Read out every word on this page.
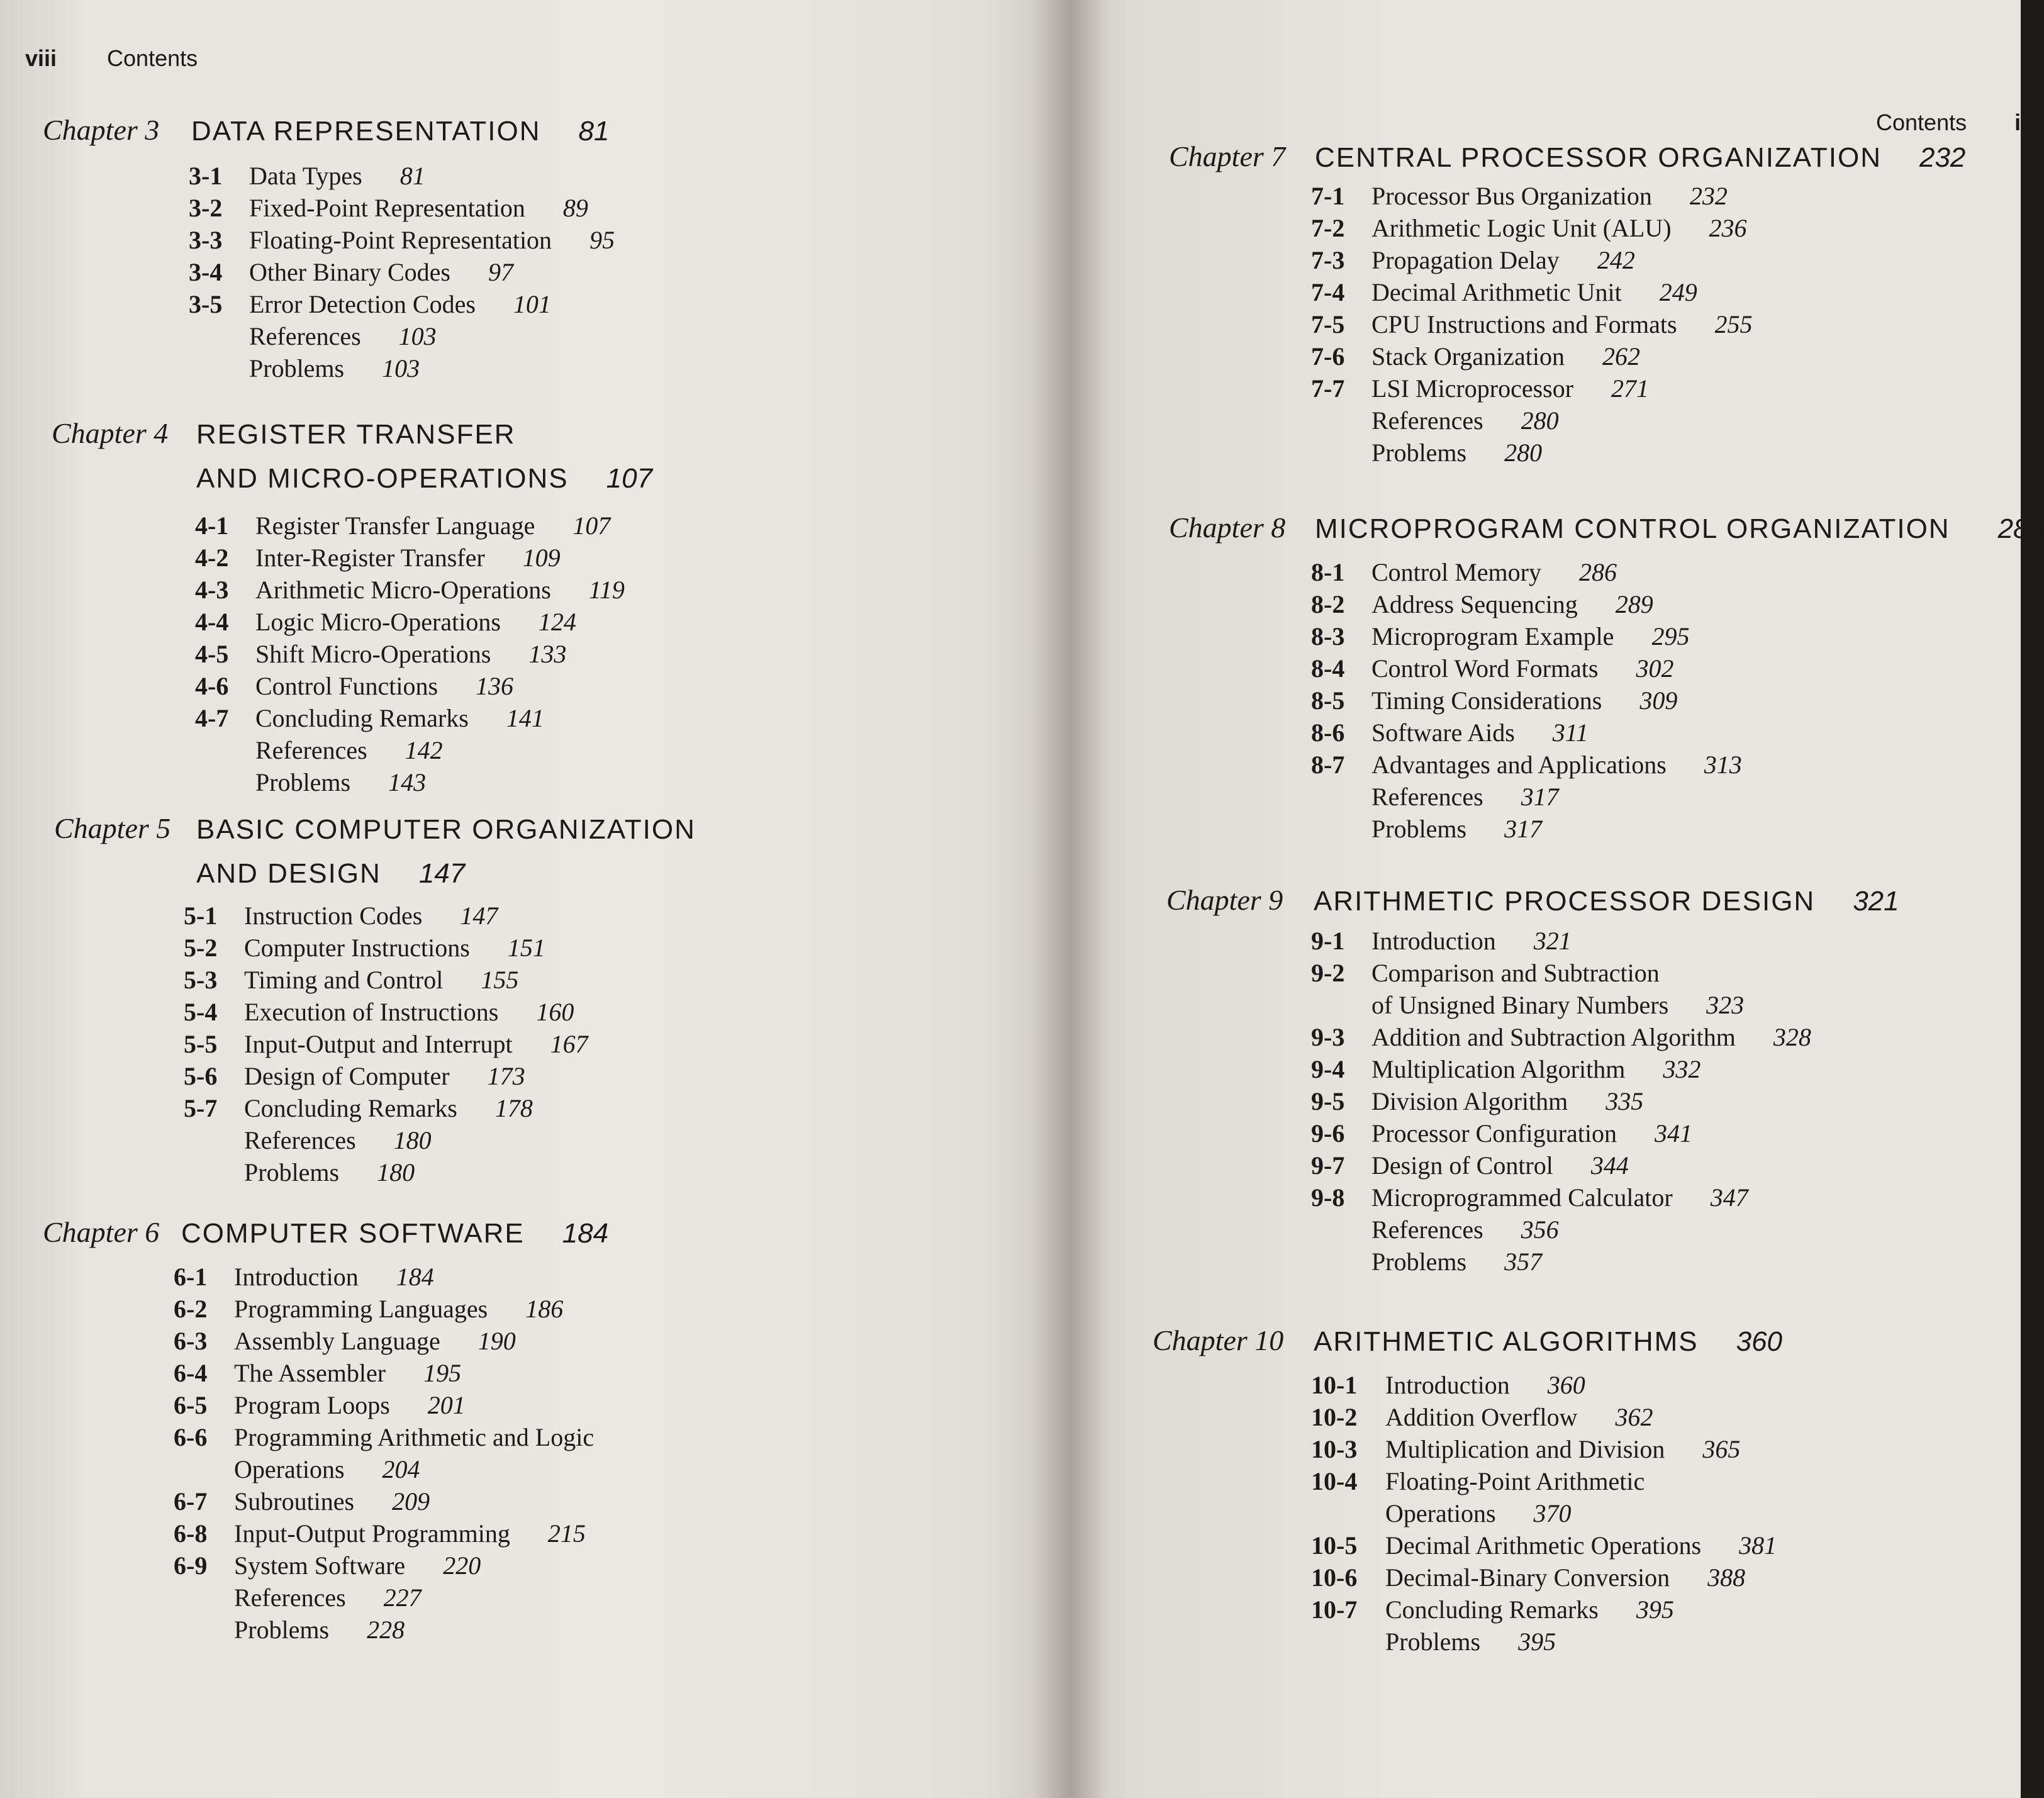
viii Contents
Chapter 3 DATA REPRESENTATION 81
3-1 Data Types 81
3-2 Fixed-Point Representation 89
3-3 Floating-Point Representation 95
3-4 Other Binary Codes 97
3-5 Error Detection Codes 101
References 103
Problems 103
Chapter 4 REGISTER TRANSFER
AND MICRO-OPERATIONS 107
4-1 Register Transfer Language 107
4-2 Inter-Register Transfer 109
4-3 Arithmetic Micro-Operations 119
4-4 Logic Micro-Operations 124
4-5 Shift Micro-Operations 133
4-6 Control Functions 136
4-7 Concluding Remarks 141
References 142
Problems 143
Chapter 5 BASIC COMPUTER ORGANIZATION
AND DESIGN 147
5-1 Instruction Codes 147
5-2 Computer Instructions 151
5-3 Timing and Control 155
5-4 Execution of Instructions 160
5-5 Input-Output and Interrupt 167
5-6 Design of Computer 173
5-7 Concluding Remarks 178
References 180
Problems 180
Chapter 6 COMPUTER SOFTWARE 184
6-1 Introduction 184
6-2 Programming Languages 186
6-3 Assembly Language 190
6-4 The Assembler 195
6-5 Program Loops 201
6-6 Programming Arithmetic and Logic
Operations 204
6-7 Subroutines 209
6-8 Input-Output Programming 215
6-9 System Software 220
References 227
Problems 228
Contents ix
Chapter 7 CENTRAL PROCESSOR ORGANIZATION 232
7-1 Processor Bus Organization 232
7-2 Arithmetic Logic Unit (ALU) 236
7-3 Propagation Delay 242
7-4 Decimal Arithmetic Unit 249
7-5 CPU Instructions and Formats 255
7-6 Stack Organization 262
7-7 LSI Microprocessor 271
References 280
Problems 280
Chapter 8 MICROPROGRAM CONTROL ORGANIZATION 286
8-1 Control Memory 286
8-2 Address Sequencing 289
8-3 Microprogram Example 295
8-4 Control Word Formats 302
8-5 Timing Considerations 309
8-6 Software Aids 311
8-7 Advantages and Applications 313
References 317
Problems 317
Chapter 9 ARITHMETIC PROCESSOR DESIGN 321
9-1 Introduction 321
9-2 Comparison and Subtraction
of Unsigned Binary Numbers 323
9-3 Addition and Subtraction Algorithm 328
9-4 Multiplication Algorithm 332
9-5 Division Algorithm 335
9-6 Processor Configuration 341
9-7 Design of Control 344
9-8 Microprogrammed Calculator 347
References 356
Problems 357
Chapter 10 ARITHMETIC ALGORITHMS 360
10-1 Introduction 360
10-2 Addition Overflow 362
10-3 Multiplication and Division 365
10-4 Floating-Point Arithmetic
Operations 370
10-5 Decimal Arithmetic Operations 381
10-6 Decimal-Binary Conversion 388
10-7 Concluding Remarks 395
Problems 395
